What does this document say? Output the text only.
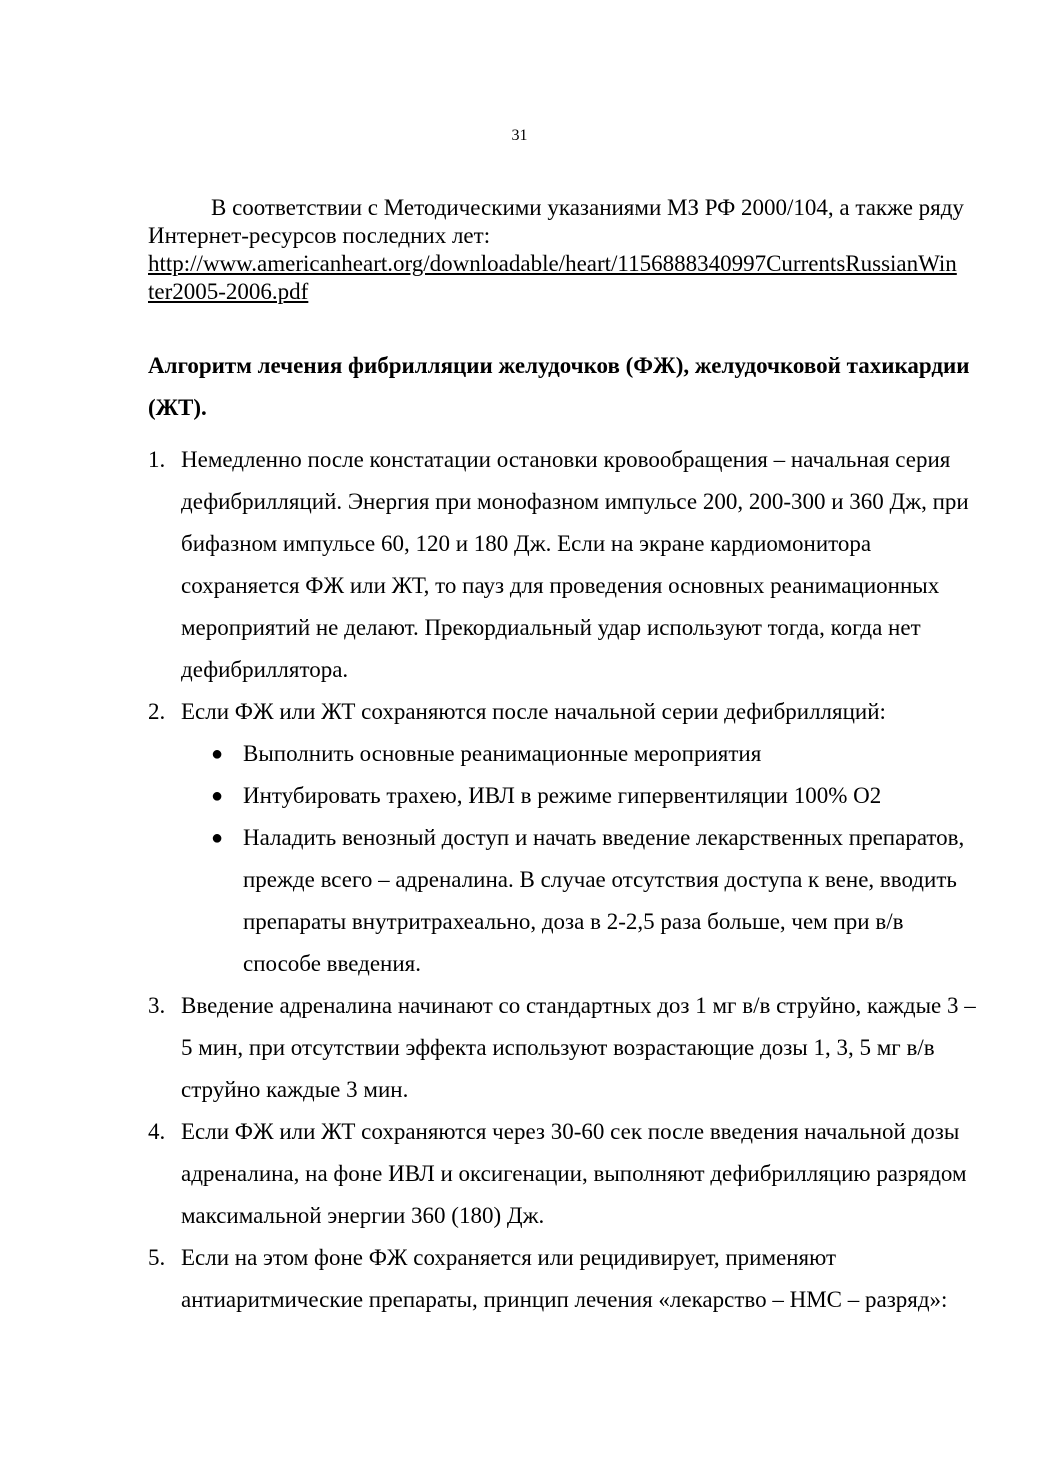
31

В соответствии с Методическими указаниями МЗ РФ 2000/104, а также ряду Интернет-ресурсов последних лет:

http://www.americanheart.org/downloadable/heart/1156888340997CurrentsRussianWinter2005-2006.pdf
Алгоритм лечения фибрилляции желудочков (ФЖ), желудочковой тахикардии (ЖТ).
1. Немедленно после констатации остановки кровообращения – начальная серия дефибрилляций. Энергия при монофазном импульсе 200, 200-300 и 360 Дж, при бифазном импульсе 60, 120 и 180 Дж. Если на экране кардиомонитора сохраняется ФЖ или ЖТ, то пауз для проведения основных реанимационных мероприятий не делают. Прекордиальный удар используют тогда, когда нет дефибриллятора.
2. Если ФЖ или ЖТ сохраняются после начальной серии дефибрилляций:
● Выполнить основные реанимационные мероприятия
● Интубировать трахею, ИВЛ в режиме гипервентиляции 100% О2
● Наладить венозный доступ и начать введение лекарственных препаратов, прежде всего – адреналина. В случае отсутствия доступа к вене, вводить препараты внутритрахеально, доза в 2-2,5 раза больше, чем при в/в способе введения.
3. Введение адреналина начинают со стандартных доз 1 мг в/в струйно, каждые 3 – 5 мин, при отсутствии эффекта используют возрастающие дозы 1, 3, 5 мг в/в струйно каждые 3 мин.
4. Если ФЖ или ЖТ сохраняются через 30-60 сек после введения начальной дозы адреналина, на фоне ИВЛ и оксигенации, выполняют дефибрилляцию разрядом максимальной энергии 360 (180) Дж.
5. Если на этом фоне ФЖ сохраняется или рецидивирует, применяют антиаритмические препараты, принцип лечения «лекарство – НМС – разряд»:
